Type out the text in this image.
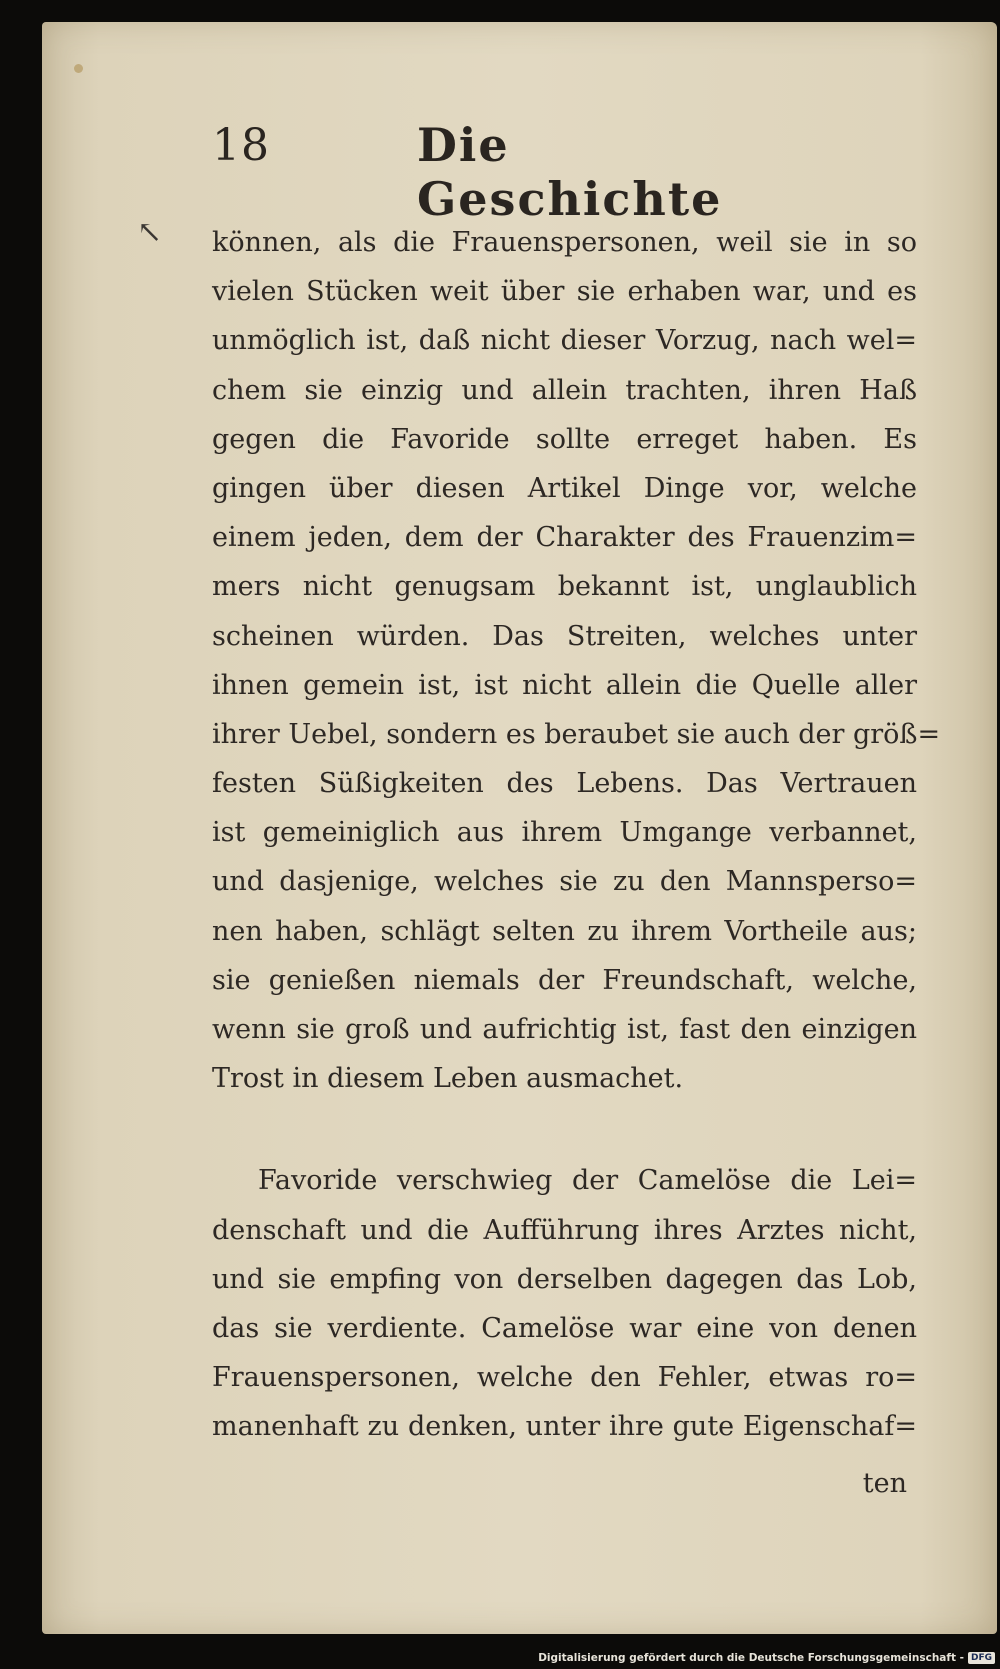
18	Die Geschichte
↖ können, als die Frauenspersonen, weil sie in so
vielen Stücken weit über sie erhaben war, und es
unmöglich ist, daß nicht dieser Vorzug, nach wel=
chem sie einzig und allein trachten, ihren Haß
gegen die Favoride sollte erreget haben. Es
gingen über diesen Artikel Dinge vor, welche
einem jeden, dem der Charakter des Frauenzim=
mers nicht genugsam bekannt ist, unglaublich
scheinen würden. Das Streiten, welches unter
ihnen gemein ist, ist nicht allein die Quelle aller
ihrer Uebel, sondern es beraubet sie auch der größ=
festen Süßigkeiten des Lebens. Das Vertrauen
ist gemeiniglich aus ihrem Umgange verbannet,
und dasjenige, welches sie zu den Mannsperso=
nen haben, schlägt selten zu ihrem Vortheile aus;
sie genießen niemals der Freundschaft, welche,
wenn sie groß und aufrichtig ist, fast den einzigen
Trost in diesem Leben ausmachet.
Favoride verschwieg der Camelöse die Lei=
denschaft und die Aufführung ihres Arztes nicht,
und sie empfing von derselben dagegen das Lob,
das sie verdiente. Camelöse war eine von denen
Frauenspersonen, welche den Fehler, etwas ro=
manenhaft zu denken, unter ihre gute Eigenschaf=
ten
Digitalisierung gefördert durch die Deutsche Forschungsgemeinschaft - DFG
